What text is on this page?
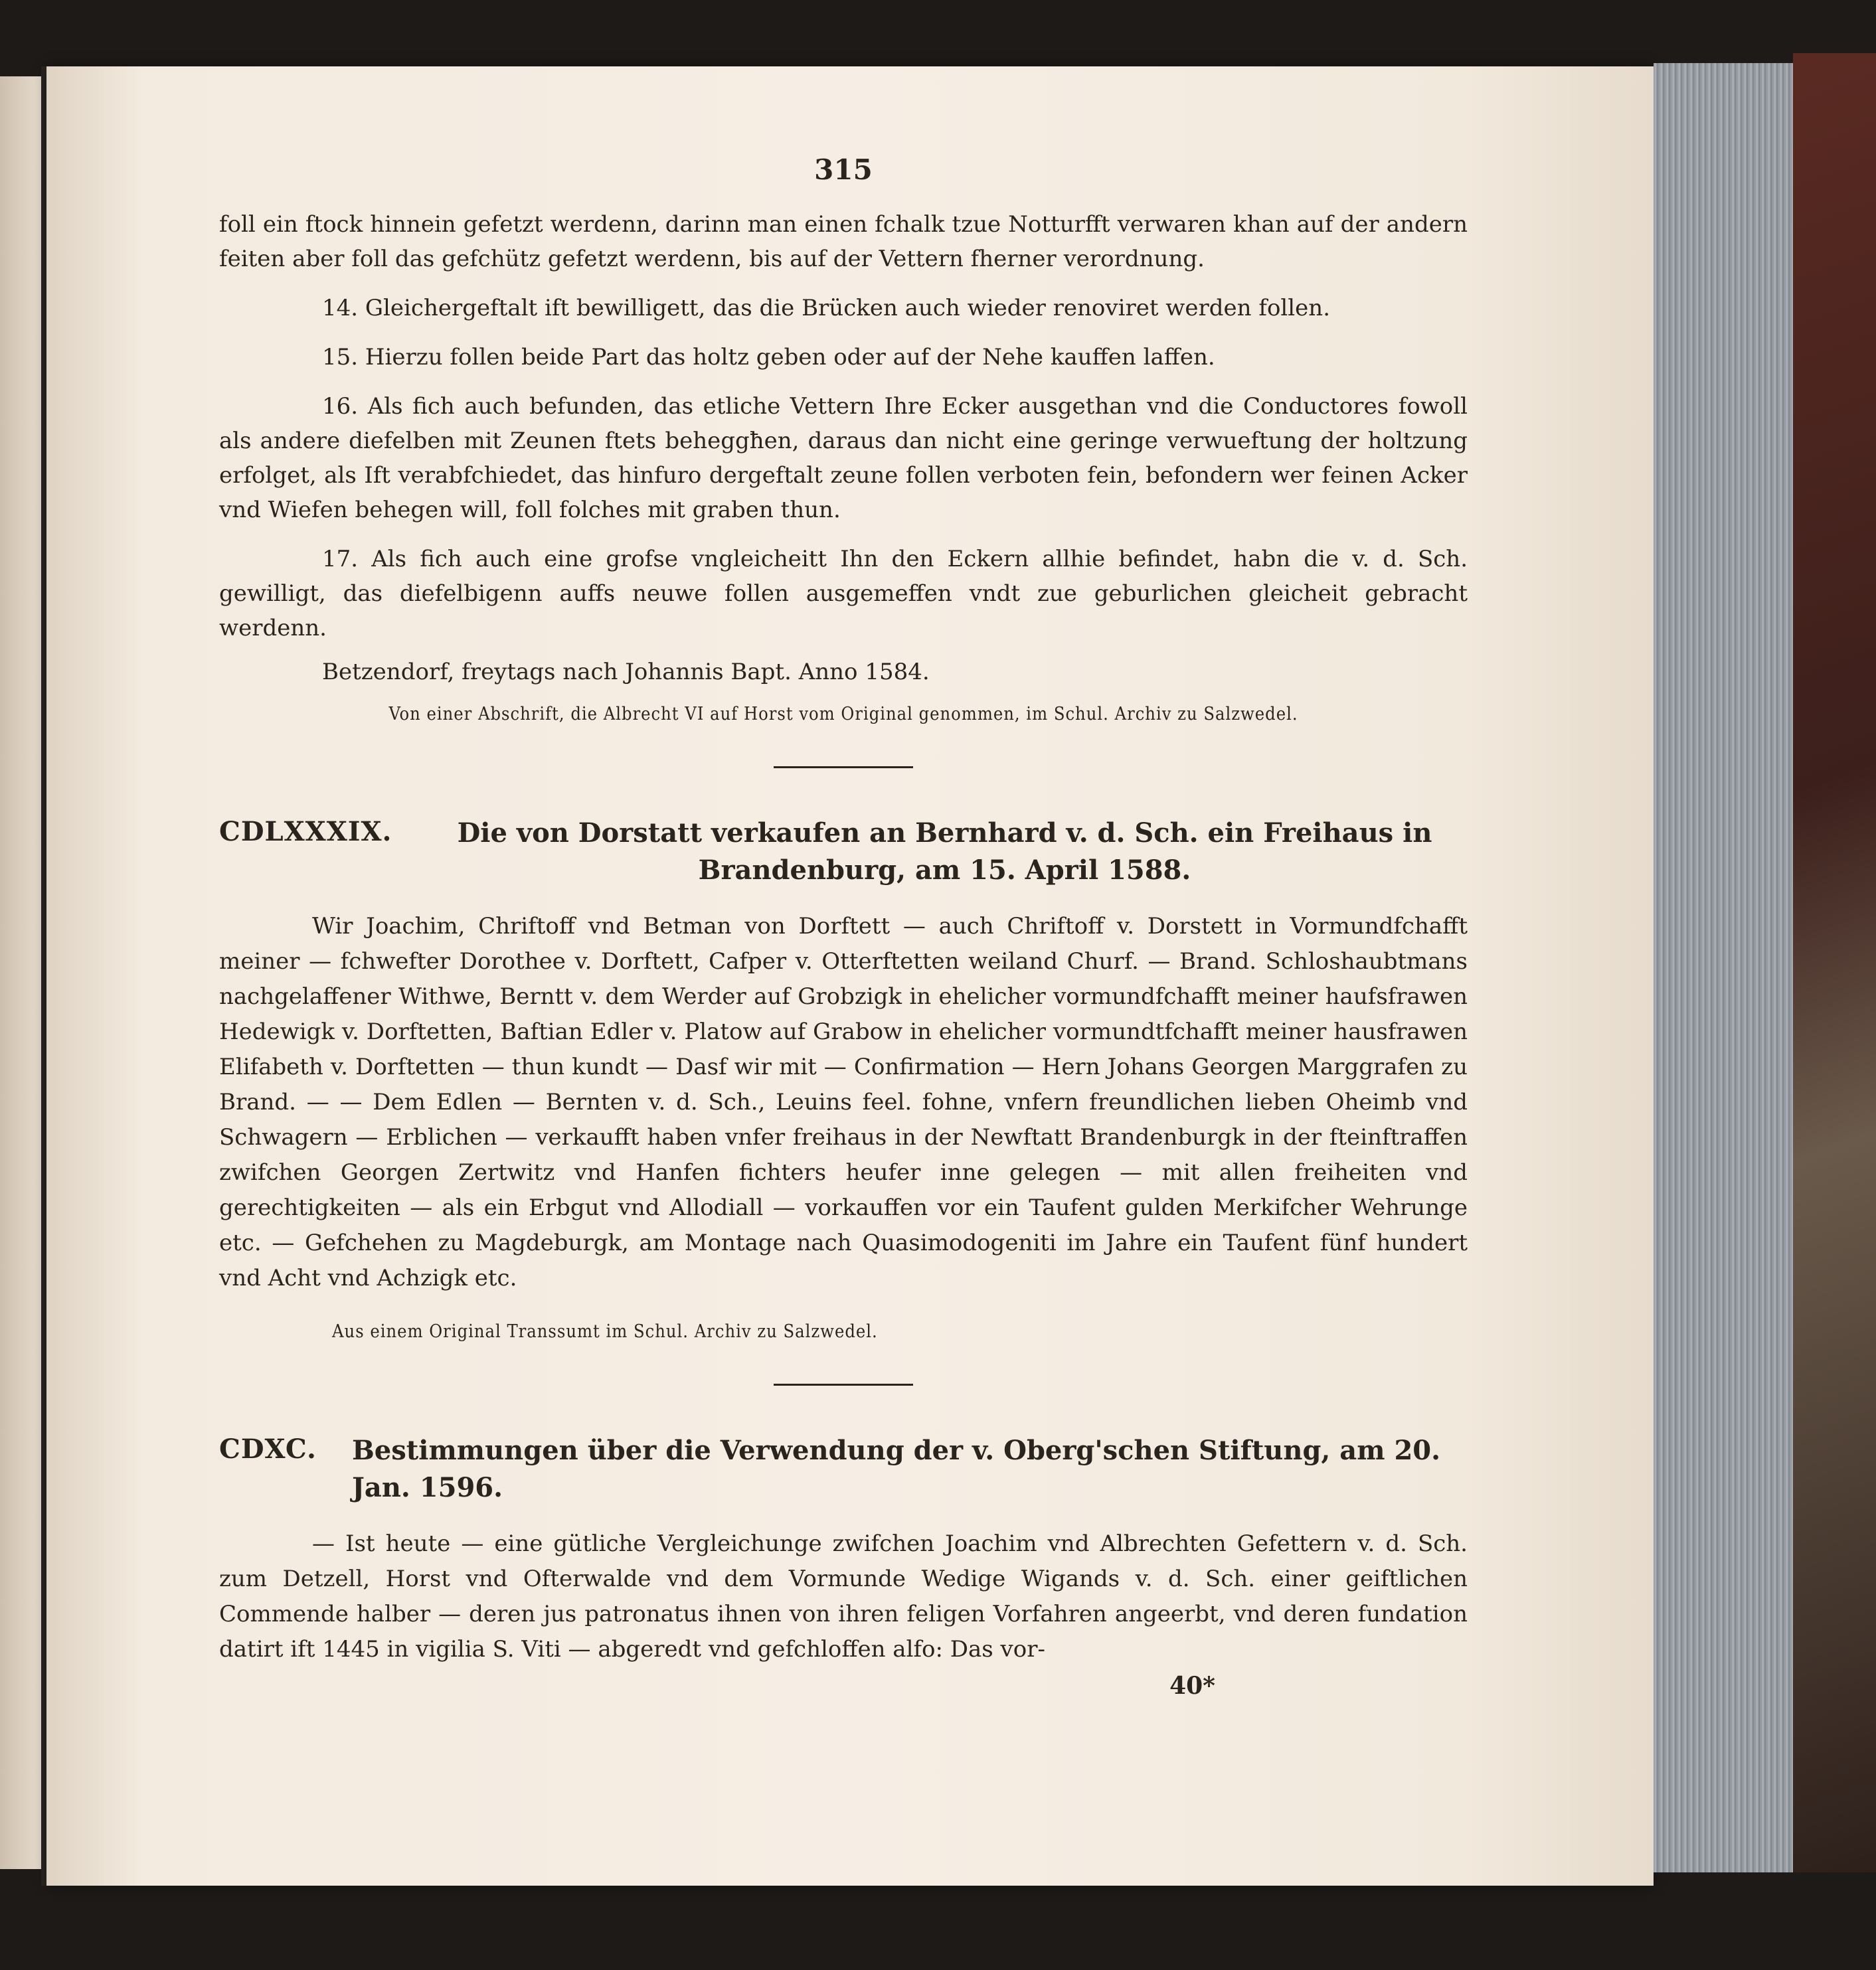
315

foll ein ftock hinnein gefetzt werdenn, darinn man einen fchalk tzue Notturfft verwaren khan auf der andern feiten aber foll das gefchütz gefetzt werdenn, bis auf der Vettern fherner verordnung.

14. Gleichergeftalt ift bewilligett, das die Brücken auch wieder renoviret werden follen.

15. Hierzu follen beide Part das holtz geben oder auf der Nehe kauffen laffen.

16. Als fich auch befunden, das etliche Vettern Ihre Ecker ausgethan vnd die Conductores fowoll als andere diefelben mit Zeunen ftets beheggħen, daraus dan nicht eine geringe verwueftung der holtzung erfolget, als Ift verabfchiedet, das hinfuro dergeftalt zeune follen verboten fein, befondern wer feinen Acker vnd Wiefen behegen will, foll folches mit graben thun.

17. Als fich auch eine grofse vngleicheitt Ihn den Eckern allhie befindet, habn die v. d. Sch. gewilligt, das diefelbigenn auffs neuwe follen ausgemeffen vndt zue geburlichen gleicheit gebracht werdenn.

Betzendorf, freytags nach Johannis Bapt. Anno 1584.

Von einer Abschrift, die Albrecht VI auf Horst vom Original genommen, im Schul. Archiv zu Salzwedel.

CDLXXXIX.	Die von Dorstatt verkaufen an Bernhard v. d. Sch. ein Freihaus in Brandenburg, am 15. April 1588.

Wir Joachim, Chriftoff vnd Betman von Dorftett — auch Chriftoff v. Dorstett in Vormundfchafft meiner — fchwefter Dorothee v. Dorftett, Cafper v. Otterftetten weiland Churf. — Brand. Schloshaubtmans nachgelaffener Withwe, Berntt v. dem Werder auf Grobzigk in ehelicher vormundfchafft meiner haufsfrawen Hedewigk v. Dorftetten, Baftian Edler v. Platow auf Grabow in ehelicher vormundtfchafft meiner hausfrawen Elifabeth v. Dorftetten — thun kundt — Dasf wir mit — Confirmation — Hern Johans Georgen Marggrafen zu Brand. — — Dem Edlen — Bernten v. d. Sch., Leuins feel. fohne, vnfern freundlichen lieben Oheimb vnd Schwagern — Erblichen — verkaufft haben vnfer freihaus in der Newftatt Brandenburgk in der fteinftraffen zwifchen Georgen Zertwitz vnd Hanfen fichters heufer inne gelegen — mit allen freiheiten vnd gerechtigkeiten — als ein Erbgut vnd Allodiall — vorkauffen vor ein Taufent gulden Merkifcher Wehrunge etc. — Gefchehen zu Magdeburgk, am Montage nach Quasimodogeniti im Jahre ein Taufent fünf hundert vnd Acht vnd Achzigk etc.

Aus einem Original Transsumt im Schul. Archiv zu Salzwedel.

CDXC.	Bestimmungen über die Verwendung der v. Oberg'schen Stiftung, am 20. Jan. 1596.

— Ist heute — eine gütliche Vergleichunge zwifchen Joachim vnd Albrechten Gefettern v. d. Sch. zum Detzell, Horst vnd Ofterwalde vnd dem Vormunde Wedige Wigands v. d. Sch. einer geiftlichen Commende halber — deren jus patronatus ihnen von ihren feligen Vorfahren angeerbt, vnd deren fundation datirt ift 1445 in vigilia S. Viti — abgeredt vnd gefchloffen alfo: Das vor-

40*
